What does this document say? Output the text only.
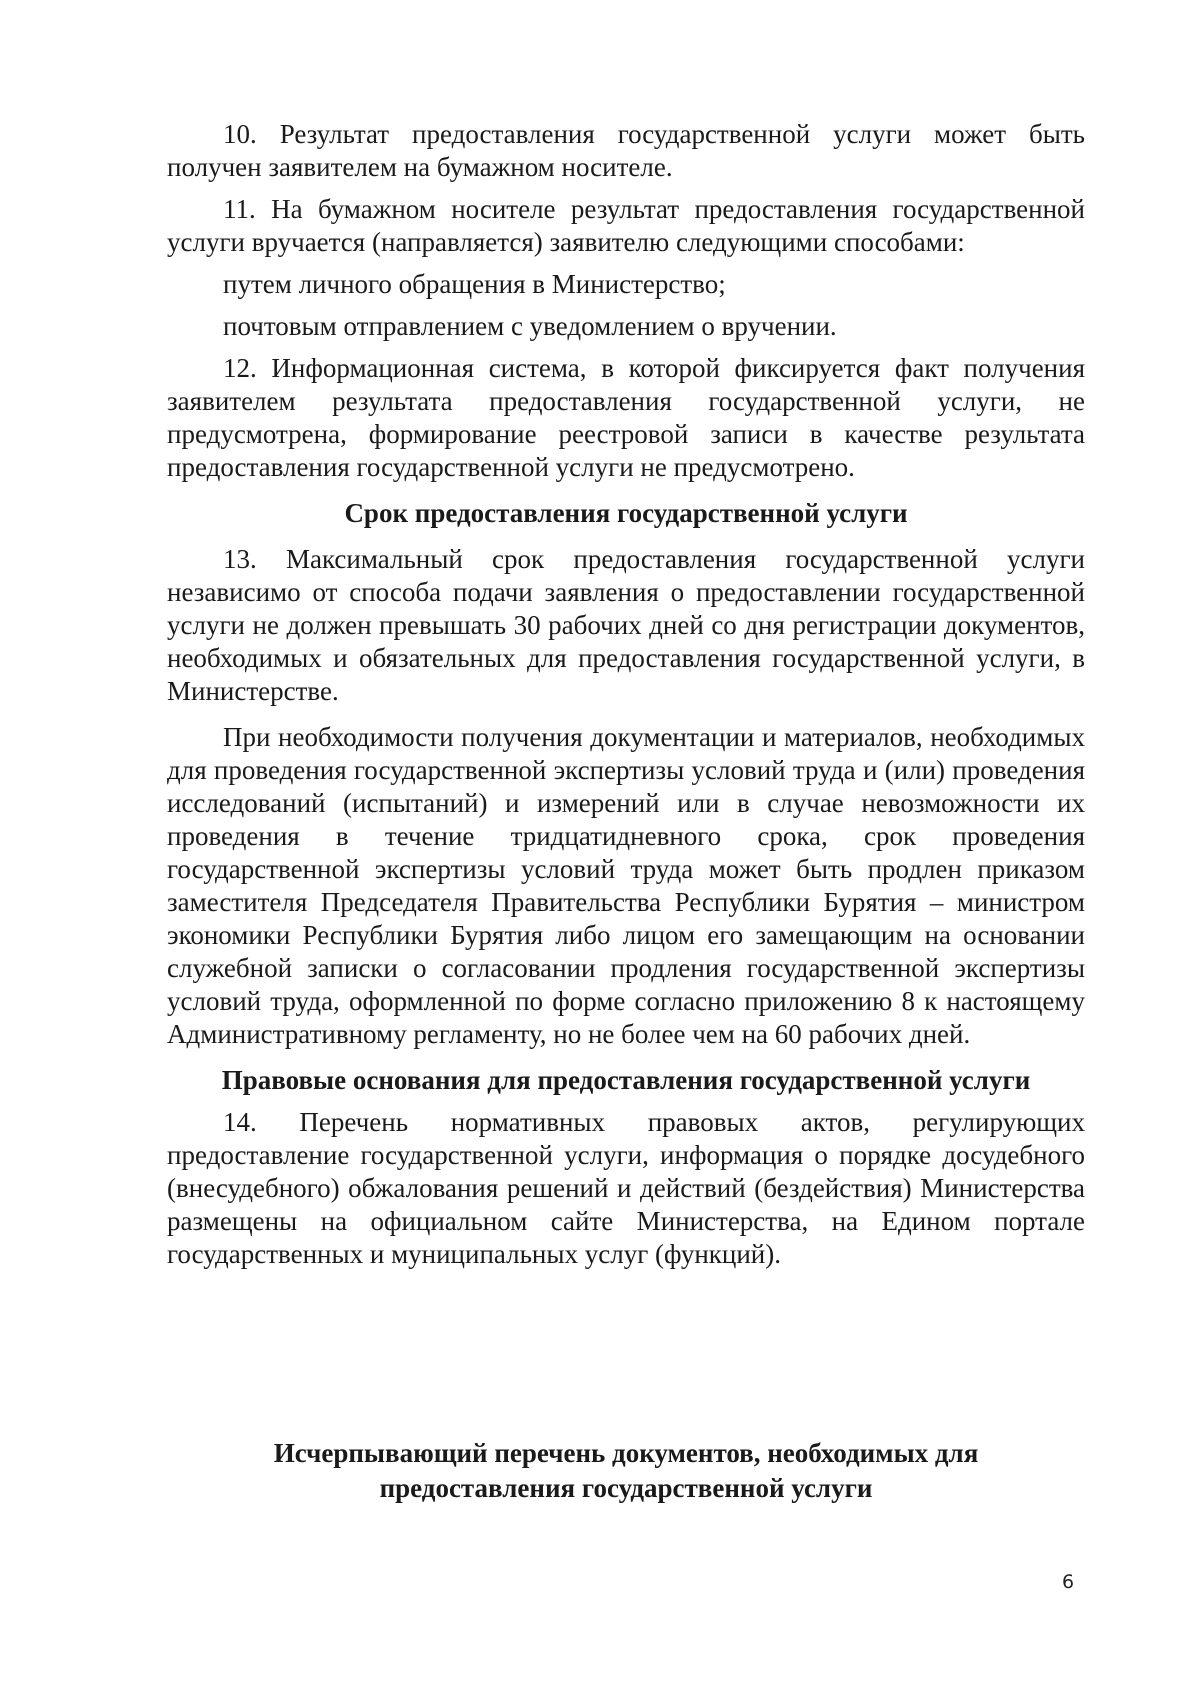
10. Результат предоставления государственной услуги может быть получен заявителем на бумажном носителе.

11. На бумажном носителе результат предоставления государственной услуги вручается (направляется) заявителю следующими способами:

путем личного обращения в Министерство;

почтовым отправлением с уведомлением о вручении.

12. Информационная система, в которой фиксируется факт получения заявителем результата предоставления государственной услуги, не предусмотрена, формирование реестровой записи в качестве результата предоставления государственной услуги не предусмотрено.

Срок предоставления государственной услуги

13. Максимальный срок предоставления государственной услуги независимо от способа подачи заявления о предоставлении государственной услуги не должен превышать 30 рабочих дней со дня регистрации документов, необходимых и обязательных для предоставления государственной услуги, в Министерстве.

При необходимости получения документации и материалов, необходимых для проведения государственной экспертизы условий труда и (или) проведения исследований (испытаний) и измерений или в случае невозможности их проведения в течение тридцатидневного срока, срок проведения государственной экспертизы условий труда может быть продлен приказом заместителя Председателя Правительства Республики Бурятия – министром экономики Республики Бурятия либо лицом его замещающим на основании служебной записки о согласовании продления государственной экспертизы условий труда, оформленной по форме согласно приложению 8 к настоящему Административному регламенту, но не более чем на 60 рабочих дней.

Правовые основания для предоставления государственной услуги

14. Перечень нормативных правовых актов, регулирующих предоставление государственной услуги, информация о порядке досудебного (внесудебного) обжалования решений и действий (бездействия) Министерства размещены на официальном сайте Министерства, на Едином портале государственных и муниципальных услуг (функций).

Исчерпывающий перечень документов, необходимых для
предоставления государственной услуги
6
